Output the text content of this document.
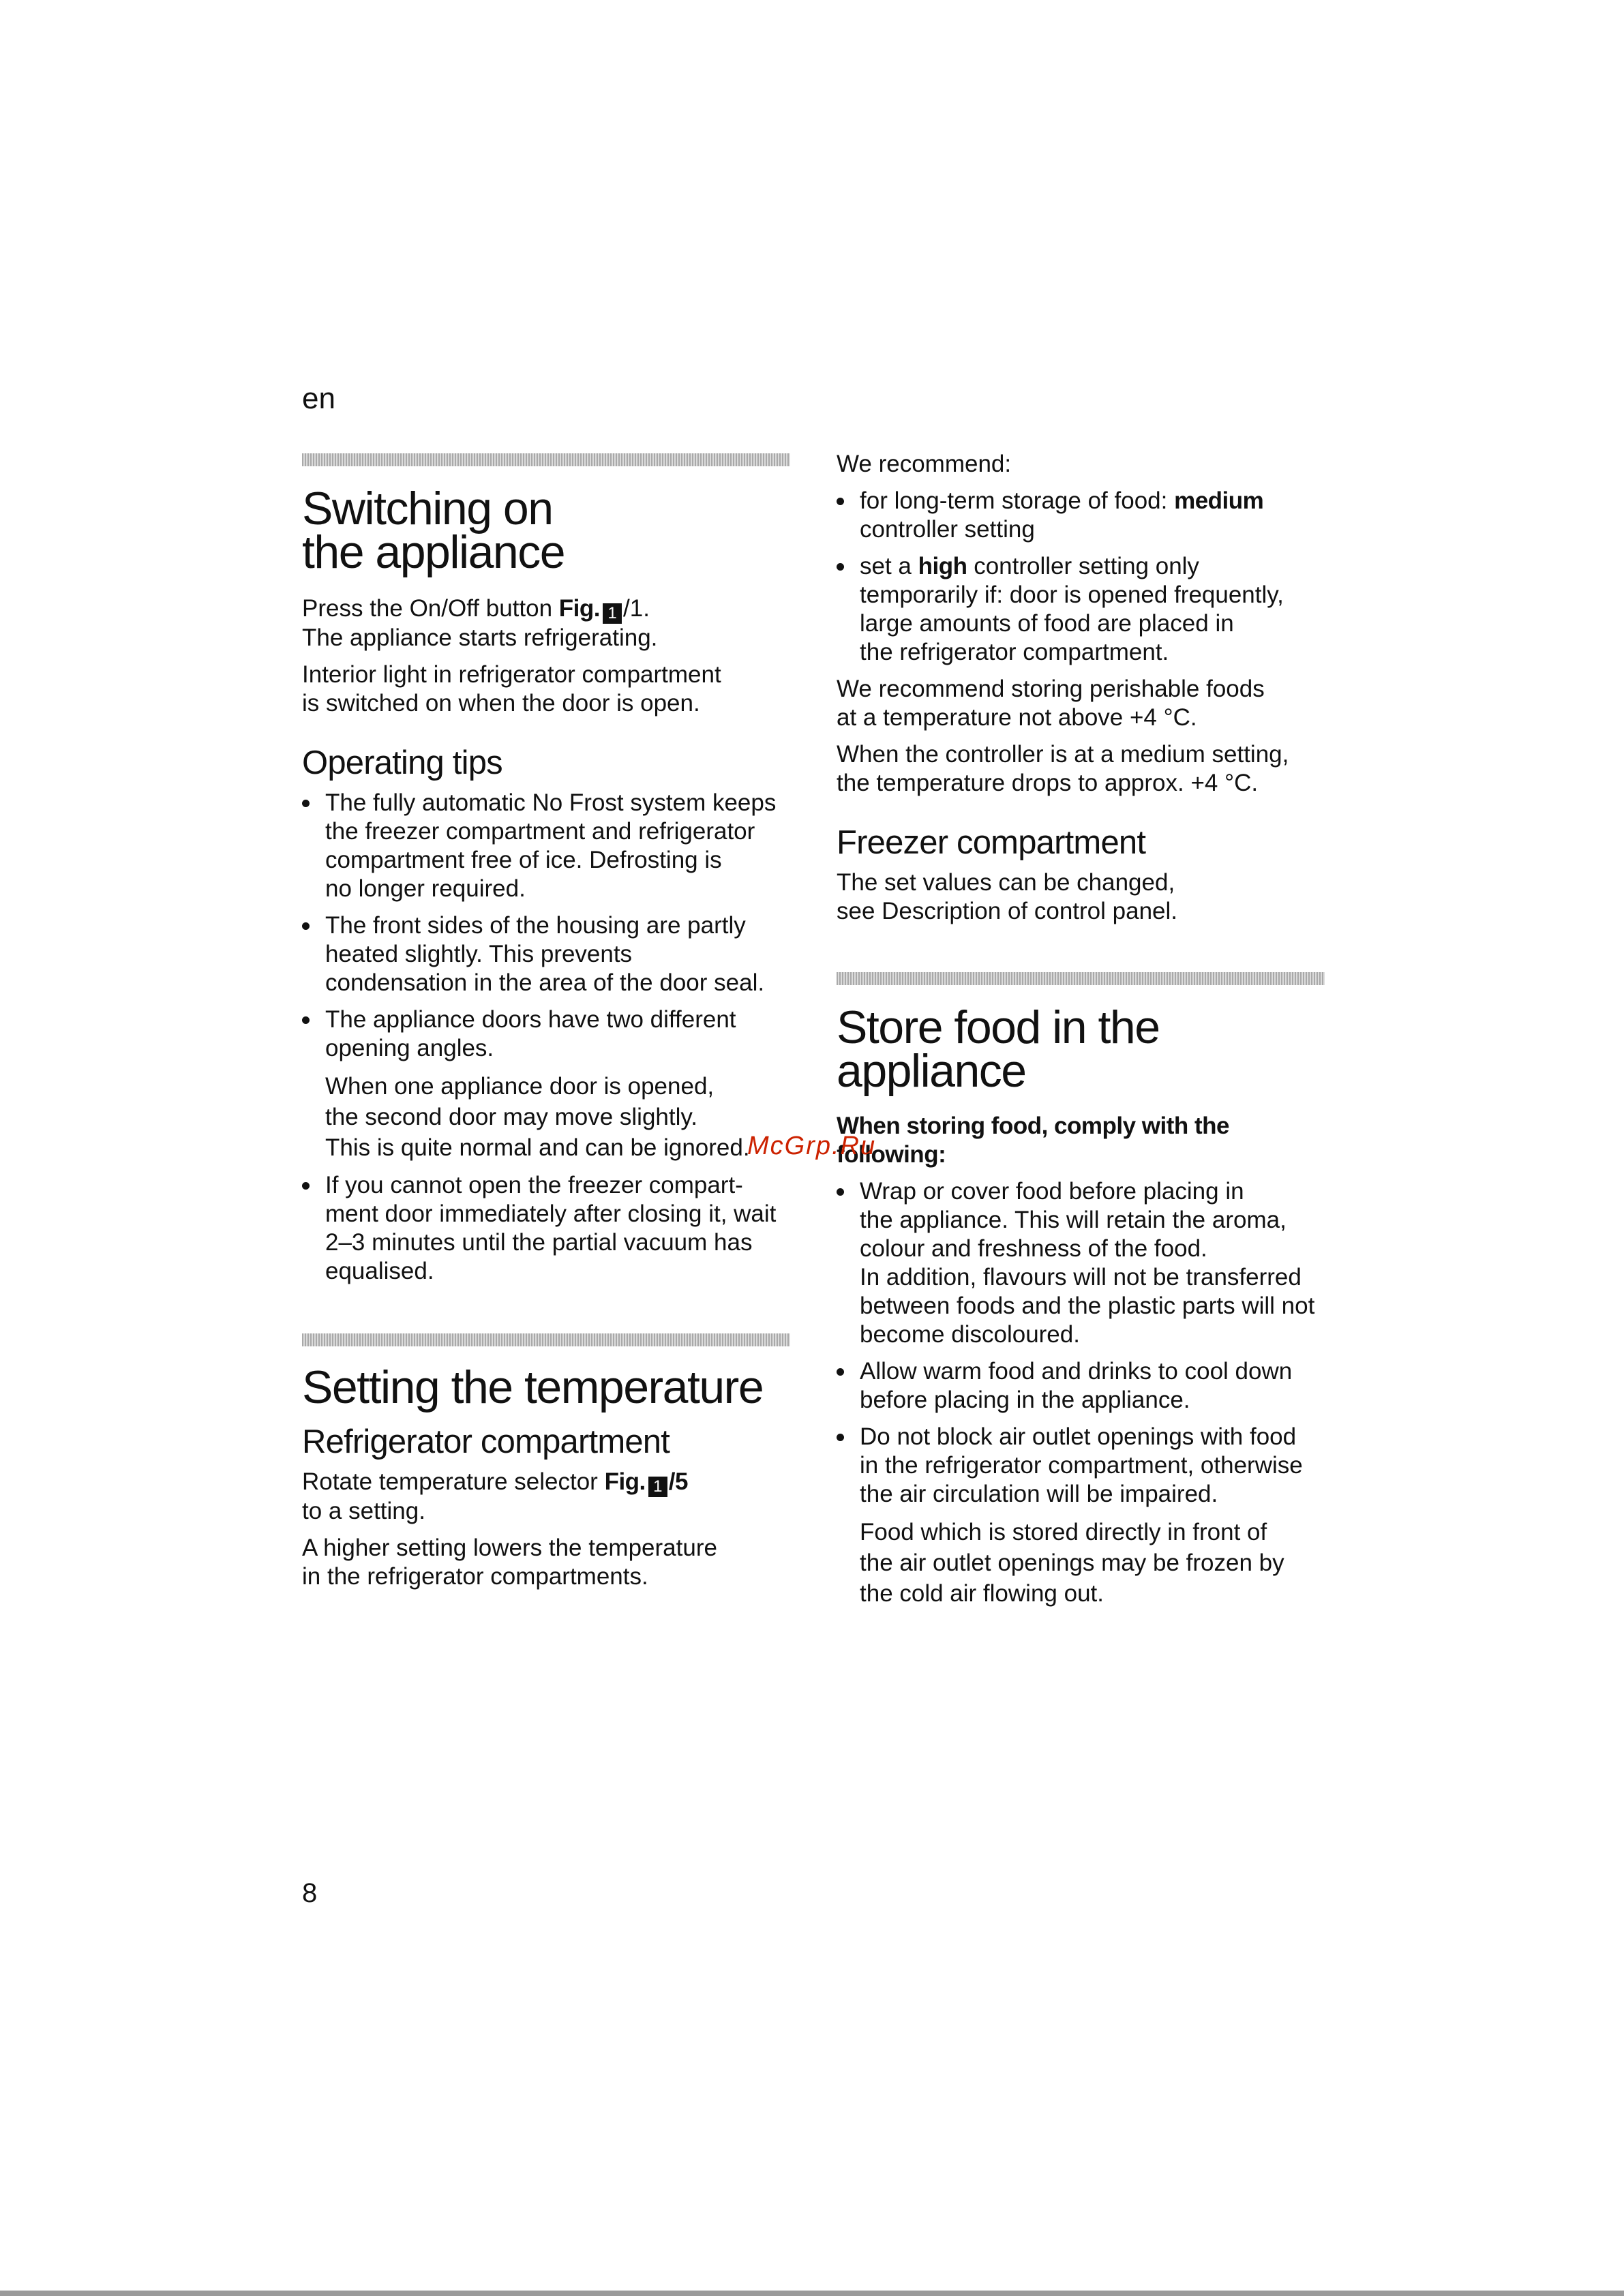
en
Switching on
the appliance

Press the On/Off button Fig. 1 /1.
The appliance starts refrigerating.

Interior light in refrigerator compartment
is switched on when the door is open.

Operating tips
The fully automatic No Frost system keeps
the freezer compartment and refrigerator
compartment free of ice. Defrosting is
no longer required.
The front sides of the housing are partly
heated slightly. This prevents
condensation in the area of the door seal.
The appliance doors have two different
opening angles.
When one appliance door is opened,
the second door may move slightly.
This is quite normal and can be ignored.
If you cannot open the freezer compart-
ment door immediately after closing it, wait
2–3 minutes until the partial vacuum has
equalised.
Setting the temperature
Refrigerator compartment

Rotate temperature selector Fig. 1 /5
to a setting.

A higher setting lowers the temperature
in the refrigerator compartments.

We recommend:

for long-term storage of food: medium
controller setting
set a high controller setting only
temporarily if: door is opened frequently,
large amounts of food are placed in
the refrigerator compartment.

We recommend storing perishable foods
at a temperature not above +4 °C.

When the controller is at a medium setting,
the temperature drops to approx. +4 °C.

Freezer compartment

The set values can be changed,
see Description of control panel.

Store food in the
appliance

When storing food, comply with the following:

Wrap or cover food before placing in
the appliance. This will retain the aroma,
colour and freshness of the food.
In addition, flavours will not be transferred
between foods and the plastic parts will not
become discoloured.
Allow warm food and drinks to cool down
before placing in the appliance.
Do not block air outlet openings with food
in the refrigerator compartment, otherwise
the air circulation will be impaired.
Food which is stored directly in front of
the air outlet openings may be frozen by
the cold air flowing out.
McGrp.Ru
8
